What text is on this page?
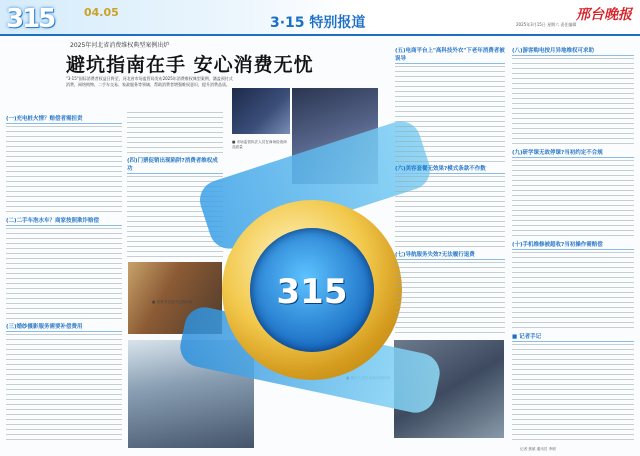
315	04.05
3·15 特别报道	邢台晚报
2025年3月15日 星期六 责任编辑
2025年河北省消费维权典型案例出炉
避坑指南在手 安心消费无忧
"3·15"国际消费者权益日将至，河北省市场监管局发布2025年消费维权典型案例，涵盖预付式消费、网络购物、二手车交易、家政服务等领域，帮助消费者增强维权意识，提升消费品质。
(一)充电桩火情？赔偿者需担责
(二)二手车泡水车？商家按照欺诈赔偿
(三)婚纱摄影服务需要补偿费用
(四)门票促销出现陷阱?消费者维权成功
■ 市场监管执法人员在商场检查商品质量
■ 消费者在超市选购商品	315
(五)电商平台上"高科技外衣"下老年消费者被误导
(六)美容套餐无效果?模式条款不作数
(七)导航服务失效?无法履行退费
(八)游客购电按月异地维权可求助
(九)研学课无故停课?当初约定不合规
(十)手机维修被超收?当初操作需赔偿
■ 记者手记
记者 焦斌 通讯员 李明
